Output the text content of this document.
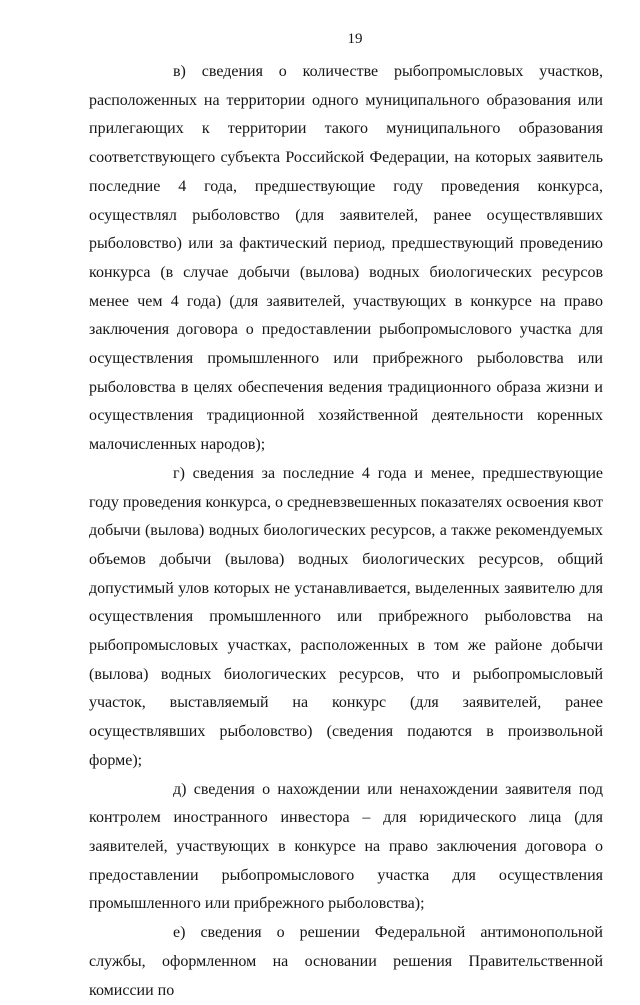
19

в) сведения о количестве рыбопромысловых участков, расположенных на территории одного муниципального образования или прилегающих к территории такого муниципального образования соответствующего субъекта Российской Федерации, на которых заявитель последние 4 года, предшествующие году проведения конкурса, осуществлял рыболовство (для заявителей, ранее осуществлявших рыболовство) или за фактический период, предшествующий проведению конкурса (в случае добычи (вылова) водных биологических ресурсов менее чем 4 года) (для заявителей, участвующих в конкурсе на право заключения договора о предоставлении рыбопромыслового участка для осуществления промышленного или прибрежного рыболовства или рыболовства в целях обеспечения ведения традиционного образа жизни и осуществления традиционной хозяйственной деятельности коренных малочисленных народов);

г) сведения за последние 4 года и менее, предшествующие году проведения конкурса, о средневзвешенных показателях освоения квот добычи (вылова) водных биологических ресурсов, а также рекомендуемых объемов добычи (вылова) водных биологических ресурсов, общий допустимый улов которых не устанавливается, выделенных заявителю для осуществления промышленного или прибрежного рыболовства на рыбопромысловых участках, расположенных в том же районе добычи (вылова) водных биологических ресурсов, что и рыбопромысловый участок, выставляемый на конкурс (для заявителей, ранее осуществлявших рыболовство) (сведения подаются в произвольной форме);

д) сведения о нахождении или ненахождении заявителя под контролем иностранного инвестора – для юридического лица (для заявителей, участвующих в конкурсе на право заключения договора о предоставлении рыбопромыслового участка для осуществления промышленного или прибрежного рыболовства);

е) сведения о решении Федеральной антимонопольной службы, оформленном на основании решения Правительственной комиссии по
